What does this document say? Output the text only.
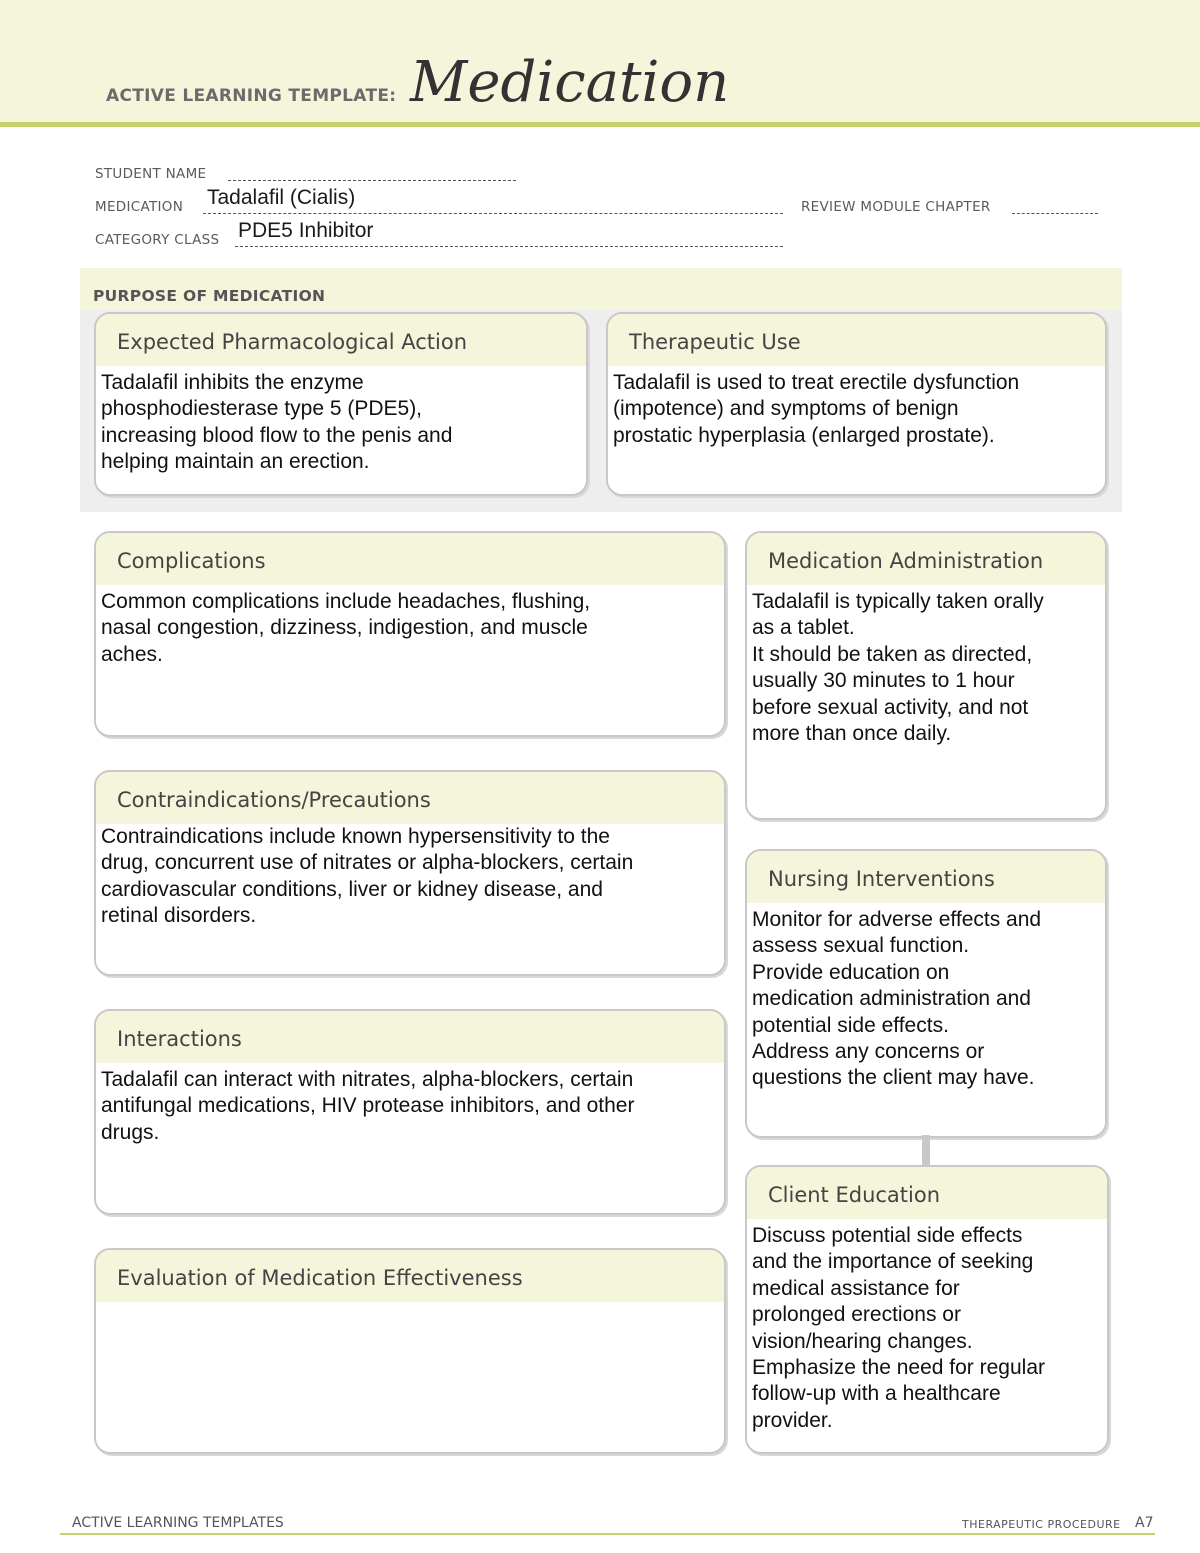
ACTIVE LEARNING TEMPLATE: Medication
STUDENT NAME
MEDICATION Tadalafil (Cialis)	REVIEW MODULE CHAPTER
CATEGORY CLASS PDE5 Inhibitor
PURPOSE OF MEDICATION
Expected Pharmacological Action
Tadalafil inhibits the enzyme
phosphodiesterase type 5 (PDE5),
increasing blood flow to the penis and
helping maintain an erection.
Therapeutic Use
Tadalafil is used to treat erectile dysfunction
(impotence) and symptoms of benign
prostatic hyperplasia (enlarged prostate).
Complications
Common complications include headaches, flushing,
nasal congestion, dizziness, indigestion, and muscle
aches.
Contraindications/Precautions
Contraindications include known hypersensitivity to the
drug, concurrent use of nitrates or alpha-blockers, certain
cardiovascular conditions, liver or kidney disease, and
retinal disorders.
Interactions
Tadalafil can interact with nitrates, alpha-blockers, certain
antifungal medications, HIV protease inhibitors, and other
drugs.
Evaluation of Medication Effectiveness
Medication Administration
Tadalafil is typically taken orally
as a tablet.
It should be taken as directed,
usually 30 minutes to 1 hour
before sexual activity, and not
more than once daily.
Nursing Interventions
Monitor for adverse effects and
assess sexual function.
Provide education on
medication administration and
potential side effects.
Address any concerns or
questions the client may have.
Client Education
Discuss potential side effects
and the importance of seeking
medical assistance for
prolonged erections or
vision/hearing changes.
Emphasize the need for regular
follow-up with a healthcare
provider.
ACTIVE LEARNING TEMPLATES	THERAPEUTIC PROCEDURE A7
